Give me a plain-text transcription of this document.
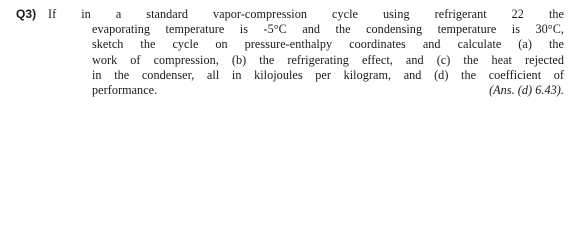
Q3) If in a standard vapor-compression cycle using refrigerant 22 the
evaporating temperature is -5°C and the condensing temperature is 30°C,
sketch the cycle on pressure-enthalpy coordinates and calculate (a) the
work of compression, (b) the refrigerating effect, and (c) the heat rejected
in the condenser, all in kilojoules per kilogram, and (d) the coefficient of
performance.	(Ans. (d) 6.43).
